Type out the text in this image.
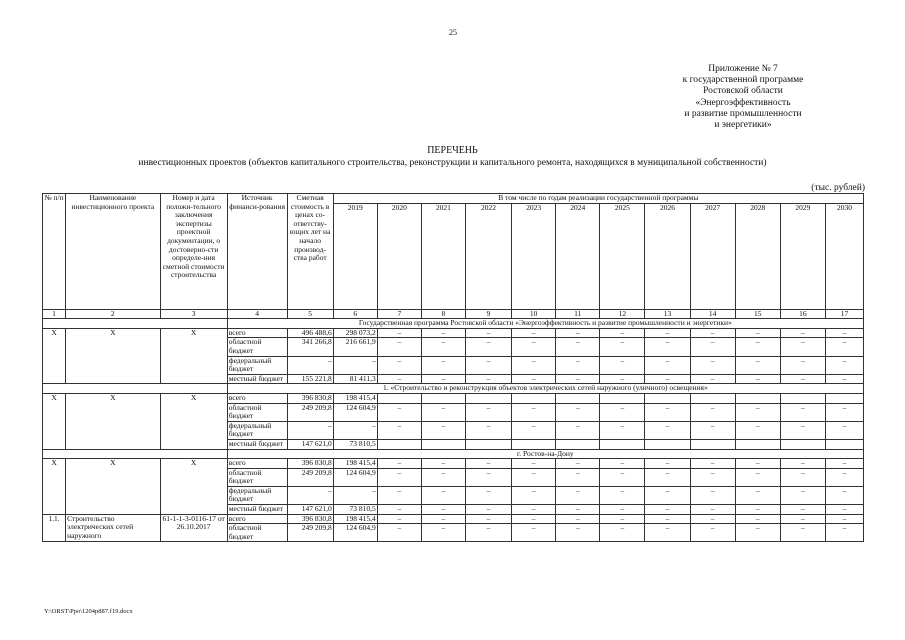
25
Приложение № 7
к государственной программе
Ростовской области
«Энергоэффективность
и развитие промышленности
и энергетики»
ПЕРЕЧЕНЬ
инвестиционных проектов (объектов капитального строительства, реконструкции и капитального ремонта, находящихся в муниципальной собственности)
(тыс. рублей)
№ п/п	Наименование инвестиционного проекта	Номер и дата положи-тельного заключения экспертизы проектной документации, о достоверно-сти определе-ния сметной стоимости строительства	Источник финанси-рования	Сметная стоимость в ценах со-ответству-ющих лет на начало производ-ства работ	В том числе по годам реализации государственной программы											
					2019	2020	2021	2022	2023	2024	2025	2026	2027	2028	2029	2030
1	2	3	4	5	6	7	8	9	10	11	12	13	14	15	16	17
			Государственная программа Ростовской области «Энергоэффективность и развитие промышленности и энергетики»													
Х	Х	Х	всего	496 488,6	298 073,2	–	–	–	–	–	–	–	–	–	–	–
			областной бюджет	341 266,8	216 661,9	–	–	–	–	–	–	–	–	–	–	–
			федеральный бюджет	–	–	–	–	–	–	–	–	–	–	–	–	–
			местный бюджет	155 221,8	81 411,3	–	–	–	–	–	–	–	–	–	–	–
			1. «Строительство и реконструкция объектов электрических сетей наружного (уличного) освещения»													
Х	Х	Х	всего	396 830,8	198 415,4											
			областной бюджет	249 209,8	124 604,9	–	–	–	–	–	–	–	–	–	–	–
			федеральный бюджет	–	–	–	–	–	–	–	–	–	–	–	–	–
			местный бюджет	147 621,0	73 810,5											
			г. Ростов-на-Дону													
Х	Х	Х	всего	396 830,8	198 415,4	–	–	–	–	–	–	–	–	–	–	–
			областной бюджет	249 209,8	124 604,9	–	–	–	–	–	–	–	–	–	–	–
			федеральный бюджет	–	–	–	–	–	–	–	–	–	–	–	–	–
			местный бюджет	147 621,0	73 810,5	–	–	–	–	–	–	–	–	–	–	–
1.1.	Строительство электрических сетей наружного	61-1-1-3-0116-17 от 26.10.2017	всего	396 830,8	198 415,4	–	–	–	–	–	–	–	–	–	–	–
			областной бюджет	249 209,8	124 604,9	–	–	–	–	–	–	–	–	–	–	–
Y:\ORST\Ppo\1204p887.f19.docx
